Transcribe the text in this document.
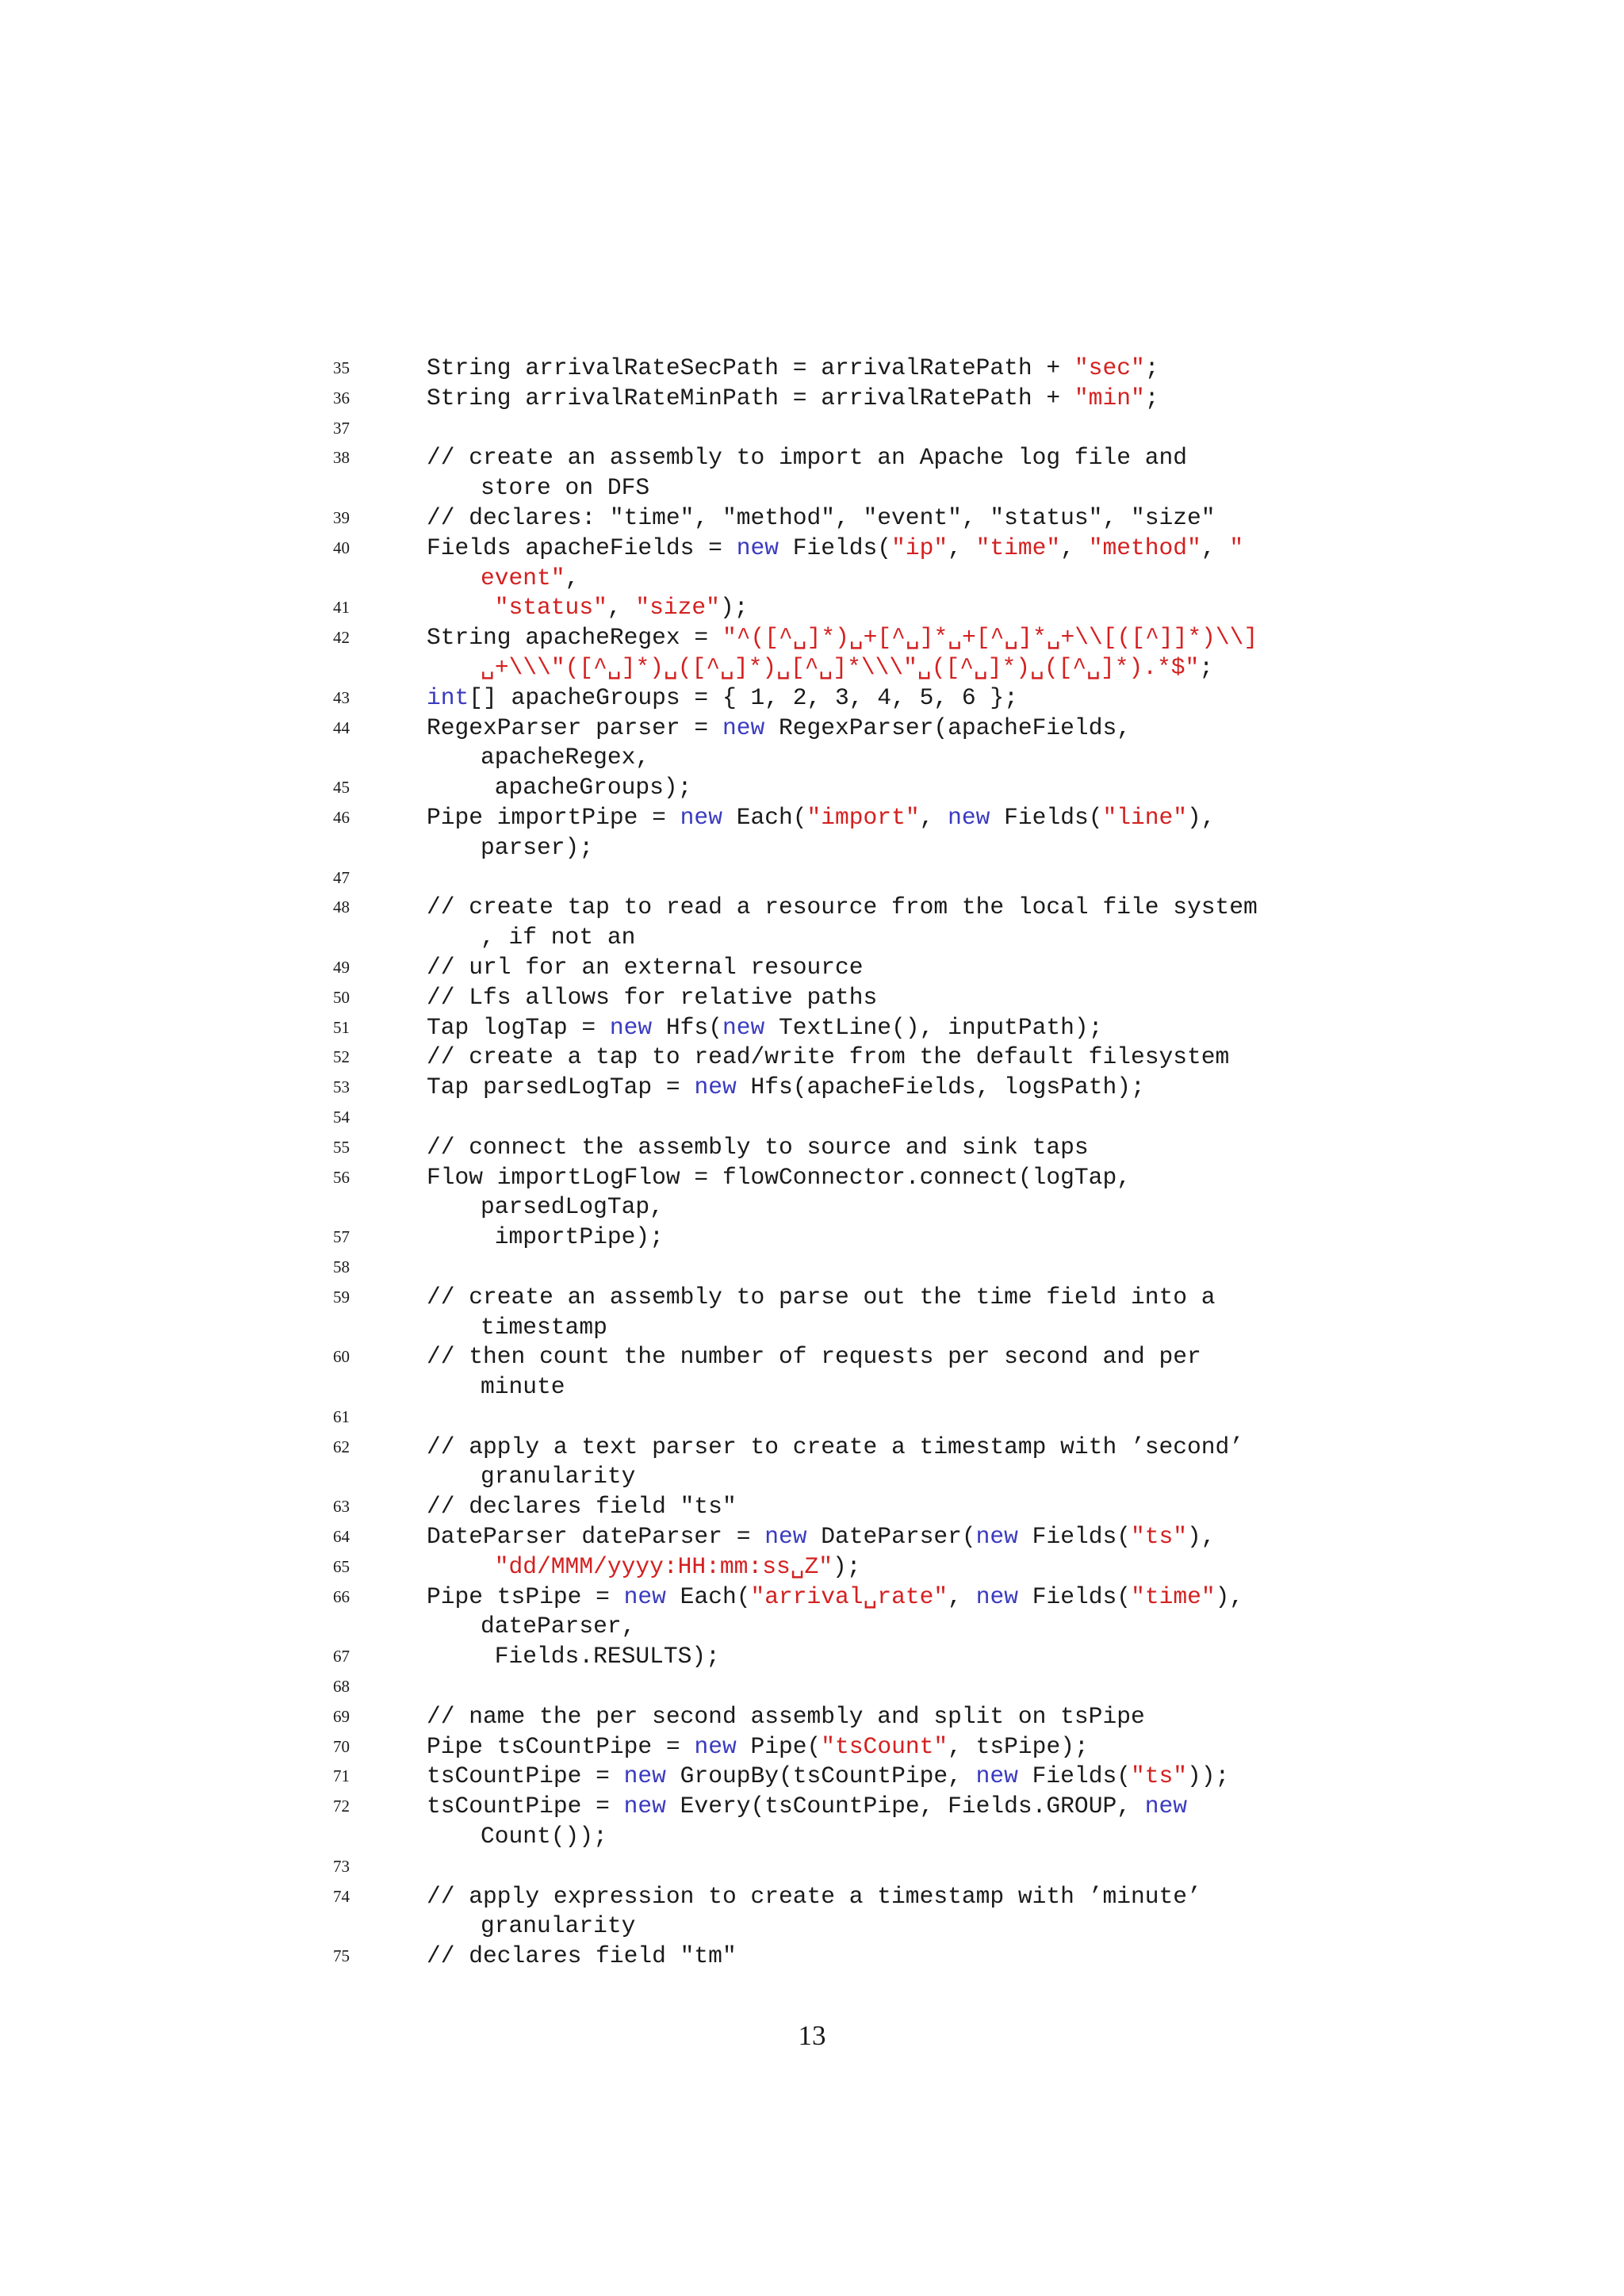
35	String arrivalRateSecPath = arrivalRatePath + "sec";
36	String arrivalRateMinPath = arrivalRatePath + "min";
37
38	// create an assembly to import an Apache log file and
store on DFS
39	// declares: "time", "method", "event", "status", "size"
40	Fields apacheFields = new Fields("ip", "time", "method", "
event",
41	"status", "size");
42	String apacheRegex = "^([^␣]*)␣+[^␣]*␣+[^␣]*␣+\\[([^]]*)\\]
␣+\\\"([^␣]*)␣([^␣]*)␣[^␣]*\\\"␣([^␣]*)␣([^␣]*).*$";
43	int[] apacheGroups = { 1, 2, 3, 4, 5, 6 };
44	RegexParser parser = new RegexParser(apacheFields,
apacheRegex,
45	apacheGroups);
46	Pipe importPipe = new Each("import", new Fields("line"),
parser);
47
48	// create tap to read a resource from the local file system
, if not an
49	// url for an external resource
50	// Lfs allows for relative paths
51	Tap logTap = new Hfs(new TextLine(), inputPath);
52	// create a tap to read/write from the default filesystem
53	Tap parsedLogTap = new Hfs(apacheFields, logsPath);
54
55	// connect the assembly to source and sink taps
56	Flow importLogFlow = flowConnector.connect(logTap,
parsedLogTap,
57	importPipe);
58
59	// create an assembly to parse out the time field into a
timestamp
60	// then count the number of requests per second and per
minute
61
62	// apply a text parser to create a timestamp with ’second’
granularity
63	// declares field "ts"
64	DateParser dateParser = new DateParser(new Fields("ts"),
65	"dd/MMM/yyyy:HH:mm:ss␣Z");
66	Pipe tsPipe = new Each("arrival␣rate", new Fields("time"),
dateParser,
67	Fields.RESULTS);
68
69	// name the per second assembly and split on tsPipe
70	Pipe tsCountPipe = new Pipe("tsCount", tsPipe);
71	tsCountPipe = new GroupBy(tsCountPipe, new Fields("ts"));
72	tsCountPipe = new Every(tsCountPipe, Fields.GROUP, new
Count());
73
74	// apply expression to create a timestamp with ’minute’
granularity
75	// declares field "tm"
13
